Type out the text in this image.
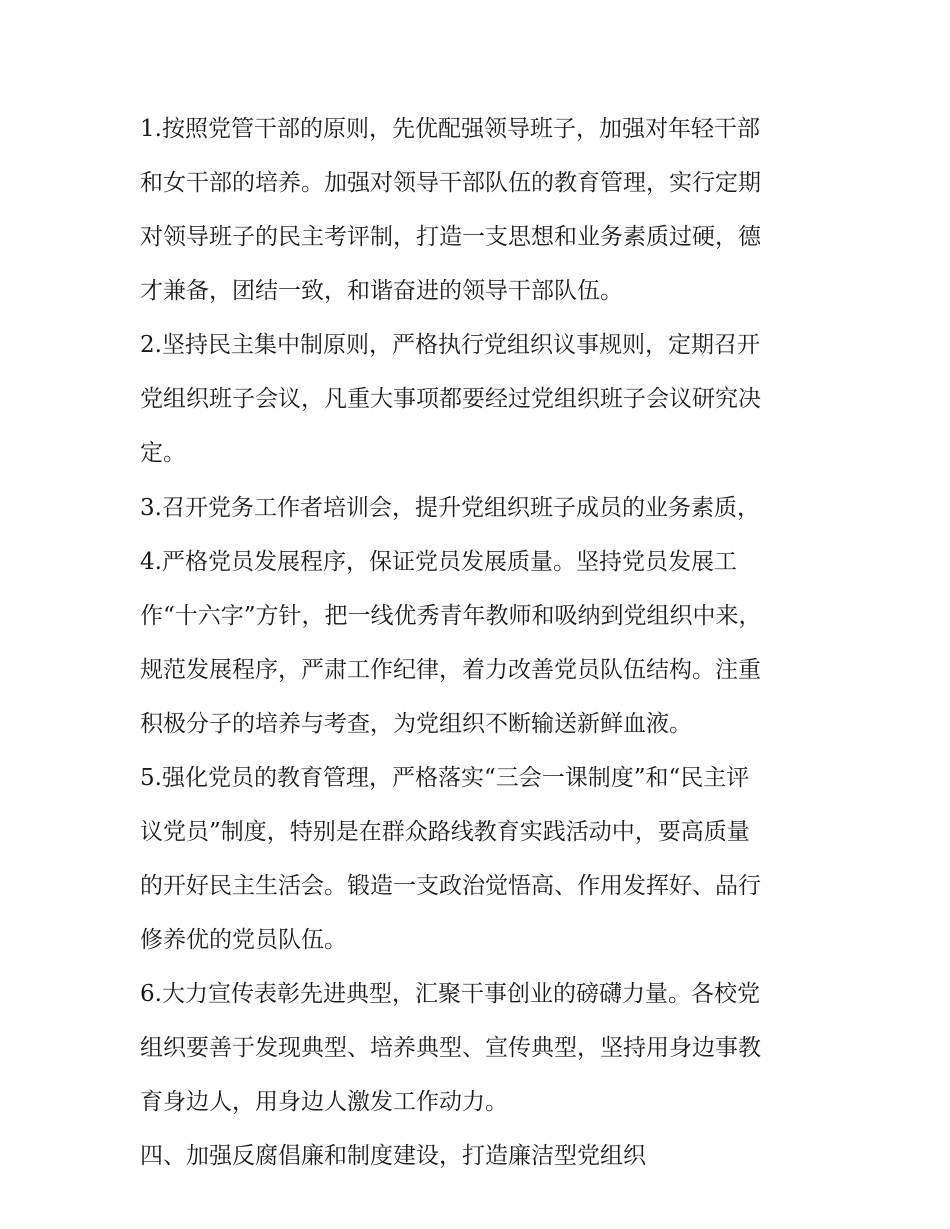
1.按照党管干部的原则，先优配强领导班子，加强对年轻干部
和女干部的培养。加强对领导干部队伍的教育管理，实行定期
对领导班子的民主考评制，打造一支思想和业务素质过硬，德
才兼备，团结一致，和谐奋进的领导干部队伍。
2.坚持民主集中制原则，严格执行党组织议事规则，定期召开
党组织班子会议，凡重大事项都要经过党组织班子会议研究决
定。
3.召开党务工作者培训会，提升党组织班子成员的业务素质，
4.严格党员发展程序，保证党员发展质量。坚持党员发展工
作“十六字”方针，把一线优秀青年教师和吸纳到党组织中来，
规范发展程序，严肃工作纪律，着力改善党员队伍结构。注重
积极分子的培养与考查，为党组织不断输送新鲜血液。
5.强化党员的教育管理，严格落实“三会一课制度”和“民主评
议党员”制度，特别是在群众路线教育实践活动中，要高质量
的开好民主生活会。锻造一支政治觉悟高、作用发挥好、品行
修养优的党员队伍。
6.大力宣传表彰先进典型，汇聚干事创业的磅礴力量。各校党
组织要善于发现典型、培养典型、宣传典型，坚持用身边事教
育身边人，用身边人激发工作动力。
四、加强反腐倡廉和制度建设，打造廉洁型党组织
